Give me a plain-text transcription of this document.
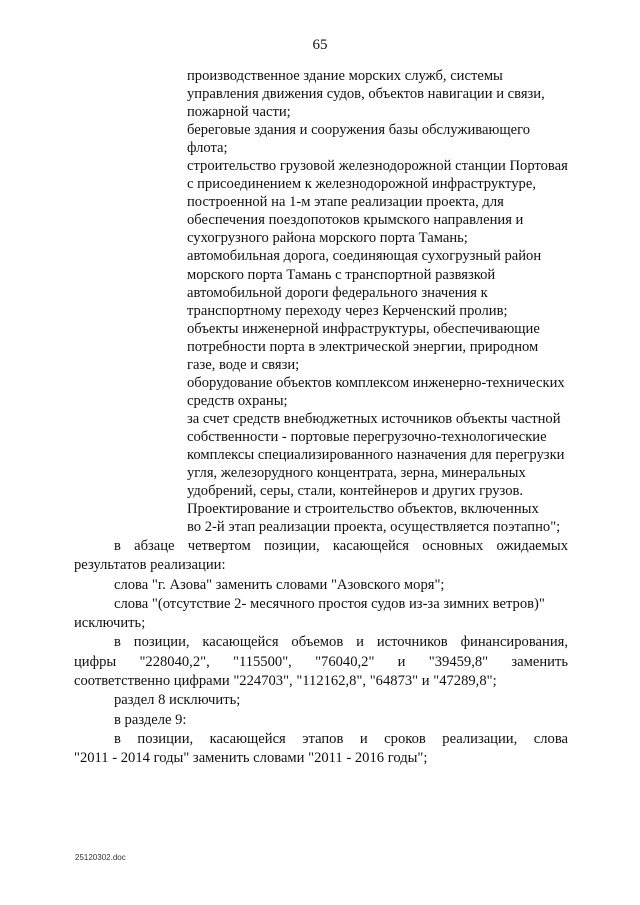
65
производственное здание морских служб, системы
управления движения судов, объектов навигации и связи,
пожарной части;
береговые здания и сооружения базы обслуживающего
флота;
строительство грузовой железнодорожной станции Портовая
с присоединением к железнодорожной инфраструктуре,
построенной на 1-м этапе реализации проекта, для
обеспечения поездопотоков крымского направления и
сухогрузного района морского порта Тамань;
автомобильная дорога, соединяющая сухогрузный район
морского порта Тамань с транспортной развязкой
автомобильной дороги федерального значения к
транспортному переходу через Керченский пролив;
объекты инженерной инфраструктуры, обеспечивающие
потребности порта в электрической энергии, природном
газе, воде и связи;
оборудование объектов комплексом инженерно-технических
средств охраны;
за счет средств внебюджетных источников объекты частной
собственности - портовые перегрузочно-технологические
комплексы специализированного назначения для перегрузки
угля, железорудного концентрата, зерна, минеральных
удобрений, серы, стали, контейнеров и других грузов.
Проектирование и строительство объектов, включенных
во 2-й этап реализации проекта, осуществляется поэтапно";

в абзаце четвертом позиции, касающейся основных ожидаемых
результатов реализации:

слова "г. Азова" заменить словами "Азовского моря";

слова "(отсутствие 2- месячного простоя судов из-за зимних ветров)"
исключить;

в позиции, касающейся объемов и источников финансирования,
цифры "228040,2", "115500", "76040,2" и "39459,8" заменить
соответственно цифрами "224703", "112162,8", "64873" и "47289,8";

раздел 8 исключить;

в разделе 9:

в позиции, касающейся этапов и сроков реализации, слова
"2011 - 2014 годы" заменить словами "2011 - 2016 годы";

25120302.doc
